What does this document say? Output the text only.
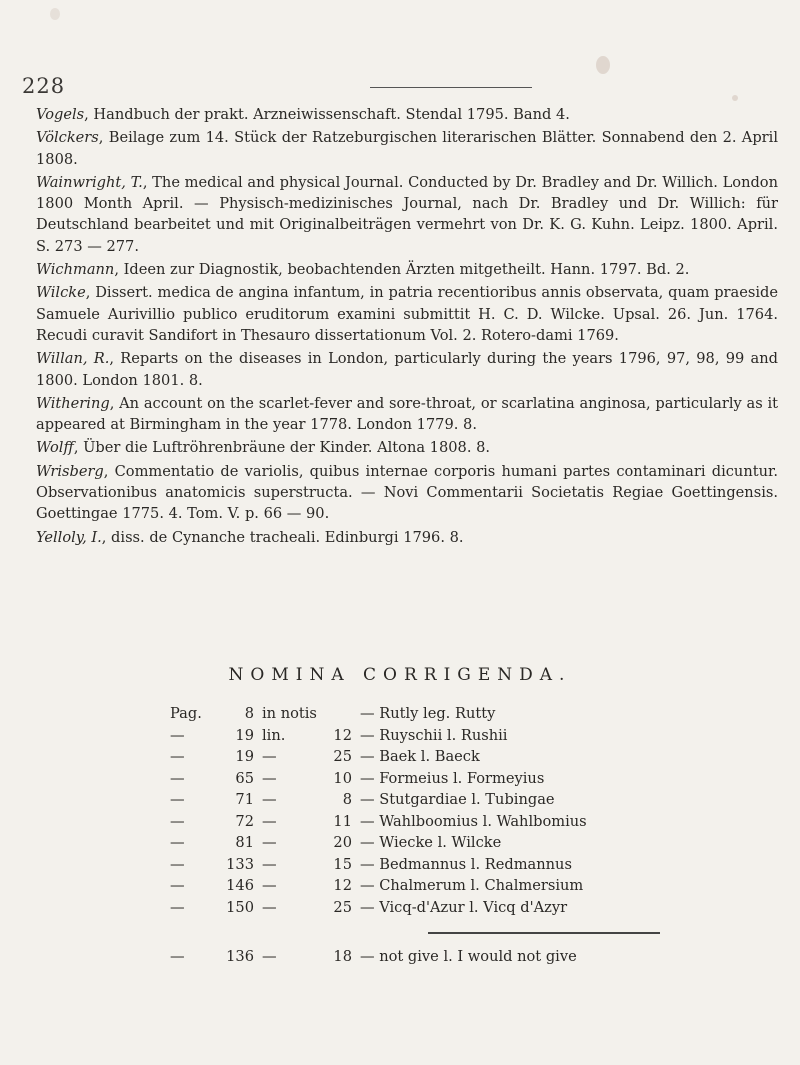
228
Vogels, Handbuch der prakt. Arzneiwissenschaft. Stendal 1795. Band 4.
Völckers, Beilage zum 14. Stück der Ratzeburgischen literarischen Blätter. Sonnabend den 2. April 1808.
Wainwright, T., The medical and physical Journal. Conducted by Dr. Bradley and Dr. Willich. London 1800 Month April. — Physisch-medizinisches Journal, nach Dr. Bradley und Dr. Willich: für Deutschland bearbeitet und mit Originalbeiträgen vermehrt von Dr. K. G. Kuhn. Leipz. 1800. April. S. 273 — 277.
Wichmann, Ideen zur Diagnostik, beobachtenden Ärzten mitgetheilt. Hann. 1797. Bd. 2.
Wilcke, Dissert. medica de angina infantum, in patria recentioribus annis observata, quam praeside Samuele Aurivillio publico eruditorum examini submittit H. C. D. Wilcke. Upsal. 26. Jun. 1764. Recudi curavit Sandifort in Thesauro dissertationum Vol. 2. Rotero-dami 1769.
Willan, R., Reparts on the diseases in London, particularly during the years 1796, 97, 98, 99 and 1800. London 1801. 8.
Withering, An account on the scarlet-fever and sore-throat, or scarlatina anginosa, particularly as it appeared at Birmingham in the year 1778. London 1779. 8.
Wolff, Über die Luftröhrenbräune der Kinder. Altona 1808. 8.
Wrisberg, Commentatio de variolis, quibus internae corporis humani partes contaminari dicuntur. Observationibus anatomicis superstructa. — Novi Commentarii Societatis Regiae Goettingensis. Goettingae 1775. 4. Tom. V. p. 66 — 90.
Yelloly, I., diss. de Cynanche tracheali. Edinburgi 1796. 8.
NOMINA CORRIGENDA.
Pag.	8 in notis	— Rutly leg. Rutty
—	19 lin.	12 — Ruyschii l. Rushii
—	19 —	25 — Baek l. Baeck
—	65 —	10 — Formeius l. Formeyius
—	71 —	8 — Stutgardiae l. Tubingae
—	72 —	11 — Wahlboomius l. Wahlbomius
—	81 —	20 — Wiecke l. Wilcke
—	133 —	15 — Bedmannus l. Redmannus
—	146 —	12 — Chalmerum l. Chalmersium
—	150 —	25 — Vicq-d'Azur l. Vicq d'Azyr
—	136 —	18 — not give l. I would not give
